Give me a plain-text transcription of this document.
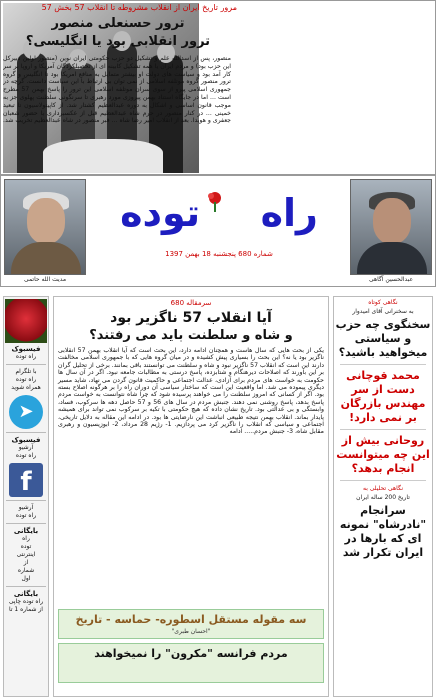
مرور تاریخ ایران از انقلاب مشروطه تا انقلاب 57 بخش 57
ترور حسنعلی منصور
ترور انقلابی بود یا انگلیسی؟
منصور، پس از اسدالله علم و تشکیل دو حزب حکومتی ایران نوین (منصور اولین دبیرکل این حزب بود) و مردم ایران یا همه تشکیل کابینه ای از تحصیلکردگان آمریکا و اروپا بر سر کار آمد بود و سیاست های دولت او بیشتر متمایل به منافع امریکا بود تا انگلیس و گروه ترور منصور گروه موتلفه اسلامی از نمی توان بی ارتباط با این سیاست دانست. گرچه در جمهوری اسلامی پیرو از سوی سران موتلفه اسلامی این ترور را پاسخ بهمن 57 مطرح است ... اما در جایگاه استناد بهمن پیروزی مورد رهبری تا سرنگونی سلطنت پهلوی جز به موجب قانون اساسی و اشکال به دوره عبدالعظیم کشتار شد. از کاپیتولاسیون تا تبعید خمینی ... در کنار منصور در حرم شاه عبدالعظیم قبل از عکسبرداری با حضور شعبان جعفری و هویدا. بعد از انقلاب امیر رضا شاه ... قبر منصور در شاه عبدالعظیم تخریب شد.
مدیت الله حاتمی
راه  توده
شماره 680 پنجشنبه 18 بهمن 1397
عبدالحسین آگاهی
نگاهی کوتاه
به سخنرانی آقای امیدوار
سخنگوی چه حزب و سیاستی میخواهید باشید؟
محمد قوچانی دست از سر مهندس بازرگان بر نمی دارد!
روحانی بیش از این چه میتوانست انجام بدهد؟
نگاهی تحلیلی به
تاریخ 200 ساله ایران
سرانجام "نادرشاه" نمونه ای که بارها در ایران تکرار شد
سرمقاله 680
آیا انقلاب 57 ناگزیر بود
و شاه و سلطنت باید می رفتند؟
یکی از بحث هایی که سال هاست و همچنان ادامه دارد، این بحث است که آیا انقلاب بهمن 57 انقلابی ناگزیر بود یا نه؟ این بحث را بسیاری پیش کشیده و در میان گروه هایی که با جمهوری اسلامی مخالفت دارند این است که انقلاب 57 ناگزیر نبود و شاه و سلطنت می توانستند باقی بمانند. برخی از تحلیل گران بر این باورند که اصلاحات دیرهنگام و شتابزده، پاسخ درستی به مطالبات جامعه نبود. اگر در آن سال ها حکومت به خواست های مردم برای آزادی، عدالت اجتماعی و حاکمیت قانون گردن می نهاد، شاید مسیر دیگری پیموده می شد. اما واقعیت این است که ساختار سیاسی آن دوران راه را بر هرگونه اصلاح بسته بود. اگر از کسانی که امروز سلطنت را می خواهند پرسیده شود که چرا شاه نتوانست به خواست مردم پاسخ بدهد، پاسخ روشنی نمی دهند. جنبش مردم در سال های 56 و 57 حاصل دهه ها سرکوب، فساد، وابستگی و بی عدالتی بود. تاریخ نشان داده که هیچ حکومتی با تکیه بر سرکوب نمی تواند برای همیشه پایدار بماند. انقلاب بهمن نتیجه طبیعی انباشت این نارضایتی ها بود. در ادامه این مقاله به دلایل تاریخی، اجتماعی و سیاسی که انقلاب را ناگزیر کرد می پردازیم. 1- رژیم 28 مرداد، 2- ابوزیسیون و رهبری مقابل شاه، 3- جنبش مردم..... ادامه
سه مقوله مستقل اسطوره- حماسه - تاریخ
"احسان طبری"
مردم فرانسه "مکرون" را نمیخواهند
فیسبوک
راه توده
با تلگرام
راه توده
همراه شوید
➤
فیسبوک
آرشیو
راه توده
f
آرشیو
راه توده
بایگانی
راه
توده
اینترنتی
از
شماره
اول
بایگانی
راه توده چاپی
از شماره 1 تا
